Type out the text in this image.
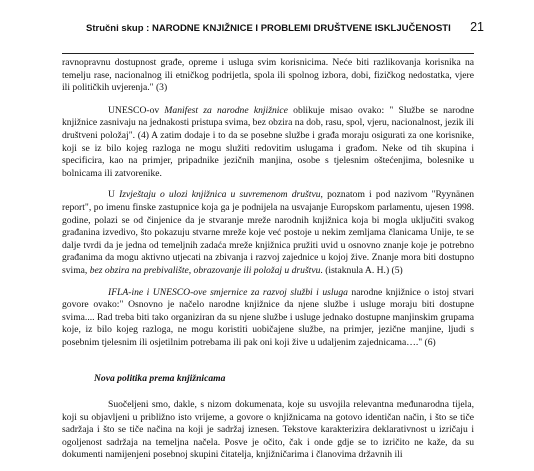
Stručni skup : NARODNE KNJIŽNICE I PROBLEMI DRUŠTVENE ISKLJUČENOSTI 21

ravnopravnu dostupnost građe, opreme i usluga svim korisnicima. Neće biti razlikovanja korisnika na temelju rase, nacionalnog ili etničkog podrijetla, spola ili spolnog izbora, dobi, fizičkog nedostatka, vjere ili političkih uvjerenja." (3)

UNESCO-ov Manifest za narodne knjižnice oblikuje misao ovako: " Službe se narodne knjižnice zasnivaju na jednakosti pristupa svima, bez obzira na dob, rasu, spol, vjeru, nacionalnost, jezik ili društveni položaj". (4) A zatim dodaje i to da se posebne službe i građa moraju osigurati za one korisnike, koji se iz bilo kojeg razloga ne mogu služiti redovitim uslugama i građom. Neke od tih skupina i specificira, kao na primjer, pripadnike jezičnih manjina, osobe s tjelesnim oštećenjima, bolesnike u bolnicama ili zatvorenike.

U Izvještaju o ulozi knjižnica u suvremenom društvu, poznatom i pod nazivom "Ryynänen report", po imenu finske zastupnice koja ga je podnijela na usvajanje Europskom parlamentu, ujesen 1998. godine, polazi se od činjenice da je stvaranje mreže narodnih knjižnica koja bi mogla uključiti svakog građanina izvedivo, što pokazuju stvarne mreže koje već postoje u nekim zemljama članicama Unije, te se dalje tvrdi da je jedna od temeljnih zadaća mreže knjižnica pružiti uvid u osnovno znanje koje je potrebno građanima da mogu aktivno utjecati na zbivanja i razvoj zajednice u kojoj žive. Znanje mora biti dostupno svima, bez obzira na prebivalište, obrazovanje ili položaj u društvu. (istaknula A. H.) (5)

IFLA-ine i UNESCO-ove smjernice za razvoj službi i usluga narodne knjižnice o istoj stvari govore ovako:" Osnovno je načelo narodne knjižnice da njene službe i usluge moraju biti dostupne svima.... Rad treba biti tako organiziran da su njene službe i usluge jednako dostupne manjinskim grupama koje, iz bilo kojeg razloga, ne mogu koristiti uobičajene službe, na primjer, jezične manjine, ljudi s posebnim tjelesnim ili osjetilnim potrebama ili pak oni koji žive u udaljenim zajednicama…." (6)

Nova politika prema knjižnicama

Suočeljeni smo, dakle, s nizom dokumenata, koje su usvojila relevantna međunarodna tijela, koji su objavljeni u približno isto vrijeme, a govore o knjižnicama na gotovo identičan način, i što se tiče sadržaja i što se tiče načina na koji je sadržaj iznesen. Tekstove karakterizira deklarativnost u izričaju i ogoljenost sadržaja na temeljna načela. Posve je očito, čak i onde gdje se to izričito ne kaže, da su dokumenti namijenjeni posebnoj skupini čitatelja, knjižničarima i članovima državnih ili
